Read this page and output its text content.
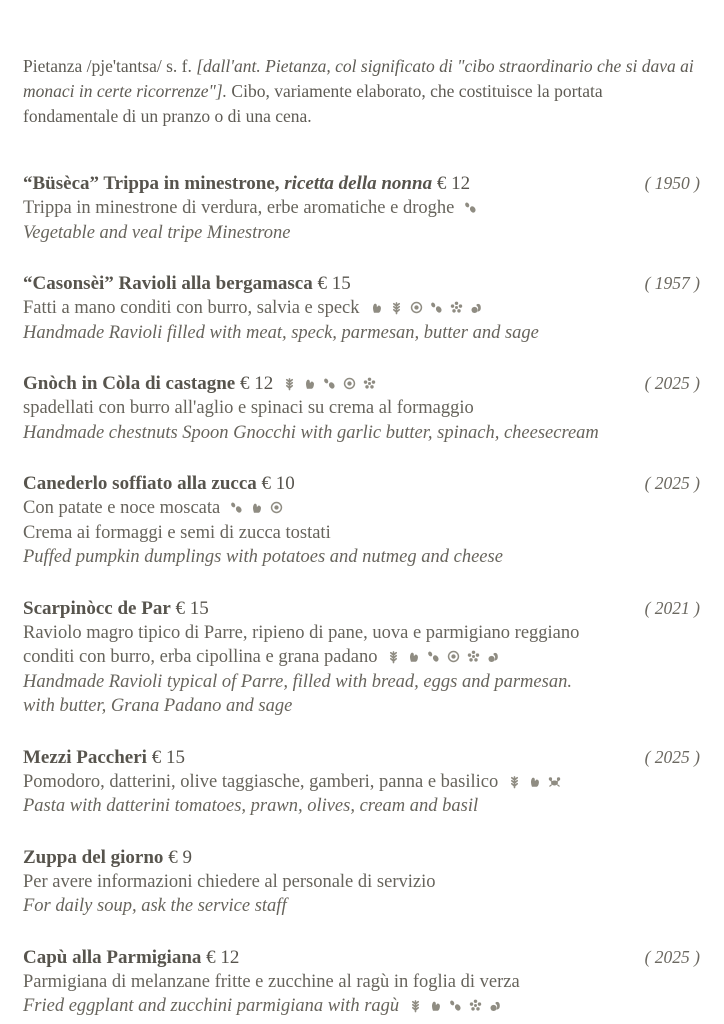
Pietanza /pje'tantsa/ s. f. [dall'ant. Pietanza, col significato di "cibo straordinario che si dava ai monaci in certe ricorrenze"]. Cibo, variamente elaborato, che costituisce la portata fondamentale di un pranzo o di una cena.

“Büsèca” Trippa in minestrone, ricetta della nonna € 12	( 1950 )

Trippa in minestrone di verdura, erbe aromatiche e droghe

Vegetable and veal tripe Minestrone

“Casonsèi” Ravioli alla bergamasca € 15	( 1957 )

Fatti a mano conditi con burro, salvia e speck

Handmade Ravioli filled with meat, speck, parmesan, butter and sage

Gnòch in Còla di castagne € 12	( 2025 )

spadellati con burro all'aglio e spinaci su crema al formaggio

Handmade chestnuts Spoon Gnocchi with garlic butter, spinach, cheesecream

Canederlo soffiato alla zucca € 10	( 2025 )

Con patate e noce moscata

Crema ai formaggi e semi di zucca tostati

Puffed pumpkin dumplings with potatoes and nutmeg and cheese

Scarpinòcc de Par € 15	( 2021 )

Raviolo magro tipico di Parre, ripieno di pane, uova e parmigiano reggiano

conditi con burro, erba cipollina e grana padano

Handmade Ravioli typical of Parre, filled with bread, eggs and parmesan.

with butter, Grana Padano and sage

Mezzi Paccheri € 15	( 2025 )

Pomodoro, datterini, olive taggiasche, gamberi, panna e basilico

Pasta with datterini tomatoes, prawn, olives, cream and basil

Zuppa del giorno € 9

Per avere informazioni chiedere al personale di servizio

For daily soup, ask the service staff

Capù alla Parmigiana € 12	( 2025 )

Parmigiana di melanzane fritte e zucchine al ragù in foglia di verza

Fried eggplant and zucchini parmigiana with ragù
